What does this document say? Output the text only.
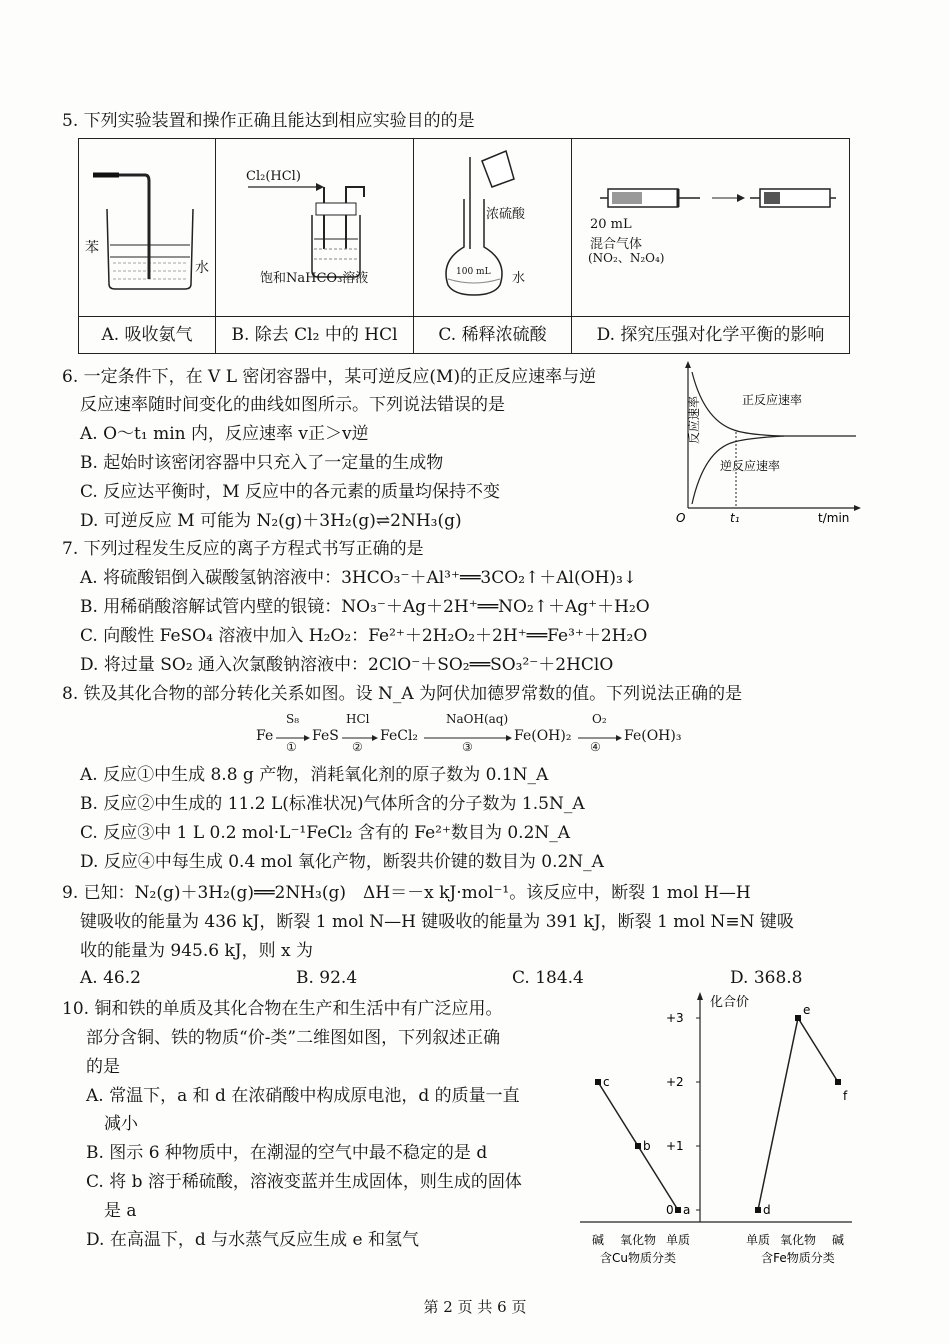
5. 下列实验装置和操作正确且能达到相应实验目的的是
苯
水
A. 吸收氨气
Cl₂(HCl)
饱和NaHCO₃溶液
B. 除去 Cl₂ 中的 HCl
浓硫酸
100 mL 水
C. 稀释浓硫酸
20 mL
混合气体
(NO₂、N₂O₄)
D. 探究压强对化学平衡的影响
6. 一定条件下，在 V L 密闭容器中，某可逆反应(M)的正反应速率与逆
反应速率随时间变化的曲线如图所示。下列说法错误的是
A. O～t₁ min 内，反应速率 v正＞v逆
B. 起始时该密闭容器中只充入了一定量的生成物
C. 反应达平衡时，M 反应中的各元素的质量均保持不变
D. 可逆反应 M 可能为 N₂(g)＋3H₂(g)⇌2NH₃(g)
反应速率	正反应速率
逆反应速率
O	t₁	t/min
7. 下列过程发生反应的离子方程式书写正确的是
A. 将硫酸铝倒入碳酸氢钠溶液中：3HCO₃⁻＋Al³⁺══3CO₂↑＋Al(OH)₃↓
B. 用稀硝酸溶解试管内壁的银镜：NO₃⁻＋Ag＋2H⁺══NO₂↑＋Ag⁺＋H₂O
C. 向酸性 FeSO₄ 溶液中加入 H₂O₂：Fe²⁺＋2H₂O₂＋2H⁺══Fe³⁺＋2H₂O
D. 将过量 SO₂ 通入次氯酸钠溶液中：2ClO⁻＋SO₂══SO₃²⁻＋2HClO
8. 铁及其化合物的部分转化关系如图。设 N_A 为阿伏加德罗常数的值。下列说法正确的是
Fe
S₈
①
FeS
HCl
②
FeCl₂
NaOH(aq)
③
Fe(OH)₂
O₂
④
Fe(OH)₃
A. 反应①中生成 8.8 g 产物，消耗氧化剂的原子数为 0.1N_A
B. 反应②中生成的 11.2 L(标准状况)气体所含的分子数为 1.5N_A
C. 反应③中 1 L 0.2 mol·L⁻¹FeCl₂ 含有的 Fe²⁺数目为 0.2N_A
D. 反应④中每生成 0.4 mol 氧化产物，断裂共价键的数目为 0.2N_A
9. 已知：N₂(g)＋3H₂(g)══2NH₃(g)　ΔH＝－x kJ·mol⁻¹。该反应中，断裂 1 mol H—H
键吸收的能量为 436 kJ，断裂 1 mol N—H 键吸收的能量为 391 kJ，断裂 1 mol N≡N 键吸
收的能量为 945.6 kJ，则 x 为
A. 46.2	B. 92.4	C. 184.4	D. 368.8
10. 铜和铁的单质及其化合物在生产和生活中有广泛应用。
部分含铜、铁的物质“价-类”二维图如图，下列叙述正确
的是
A. 常温下，a 和 d 在浓硝酸中构成原电池，d 的质量一直
减小
B. 图示 6 种物质中，在潮湿的空气中最不稳定的是 d
C. 将 b 溶于稀硫酸，溶液变蓝并生成固体，则生成的固体
是 a
D. 在高温下，d 与水蒸气反应生成 e 和氢气
化合价
0
+1
+2
+3
c
b
a	d
e
f
碱 氧化物 单质
含Cu物质分类
单质 氧化物 碱
含Fe物质分类
第 2 页 共 6 页
